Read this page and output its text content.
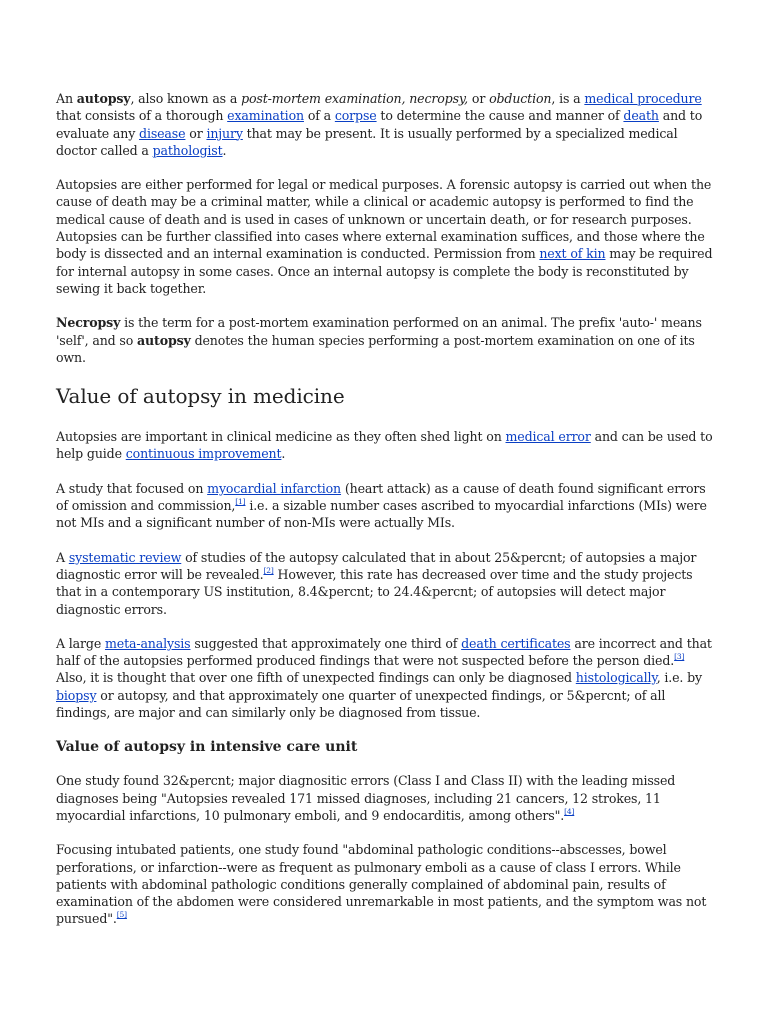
An autopsy, also known as a post-mortem examination, necropsy, or obduction, is a medical procedure that consists of a thorough examination of a corpse to determine the cause and manner of death and to evaluate any disease or injury that may be present. It is usually performed by a specialized medical doctor called a pathologist.

Autopsies are either performed for legal or medical purposes. A forensic autopsy is carried out when the cause of death may be a criminal matter, while a clinical or academic autopsy is performed to find the medical cause of death and is used in cases of unknown or uncertain death, or for research purposes. Autopsies can be further classified into cases where external examination suffices, and those where the body is dissected and an internal examination is conducted. Permission from next of kin may be required for internal autopsy in some cases. Once an internal autopsy is complete the body is reconstituted by sewing it back together.

Necropsy is the term for a post-mortem examination performed on an animal. The prefix 'auto-' means 'self', and so autopsy denotes the human species performing a post-mortem examination on one of its own.

Value of autopsy in medicine

Autopsies are important in clinical medicine as they often shed light on medical error and can be used to help guide continuous improvement.

A study that focused on myocardial infarction (heart attack) as a cause of death found significant errors of omission and commission,[1] i.e. a sizable number cases ascribed to myocardial infarctions (MIs) were not MIs and a significant number of non-MIs were actually MIs.

A systematic review of studies of the autopsy calculated that in about 25&percnt; of autopsies a major diagnostic error will be revealed.[2] However, this rate has decreased over time and the study projects that in a contemporary US institution, 8.4&percnt; to 24.4&percnt; of autopsies will detect major diagnostic errors.

A large meta-analysis suggested that approximately one third of death certificates are incorrect and that half of the autopsies performed produced findings that were not suspected before the person died.[3] Also, it is thought that over one fifth of unexpected findings can only be diagnosed histologically, i.e. by biopsy or autopsy, and that approximately one quarter of unexpected findings, or 5&percnt; of all findings, are major and can similarly only be diagnosed from tissue.

Value of autopsy in intensive care unit

One study found 32&percnt; major diagnositic errors (Class I and Class II) with the leading missed diagnoses being "Autopsies revealed 171 missed diagnoses, including 21 cancers, 12 strokes, 11 myocardial infarctions, 10 pulmonary emboli, and 9 endocarditis, among others".[4]

Focusing intubated patients, one study found "abdominal pathologic conditions--abscesses, bowel perforations, or infarction--were as frequent as pulmonary emboli as a cause of class I errors. While patients with abdominal pathologic conditions generally complained of abdominal pain, results of examination of the abdomen were considered unremarkable in most patients, and the symptom was not pursued".[5]
